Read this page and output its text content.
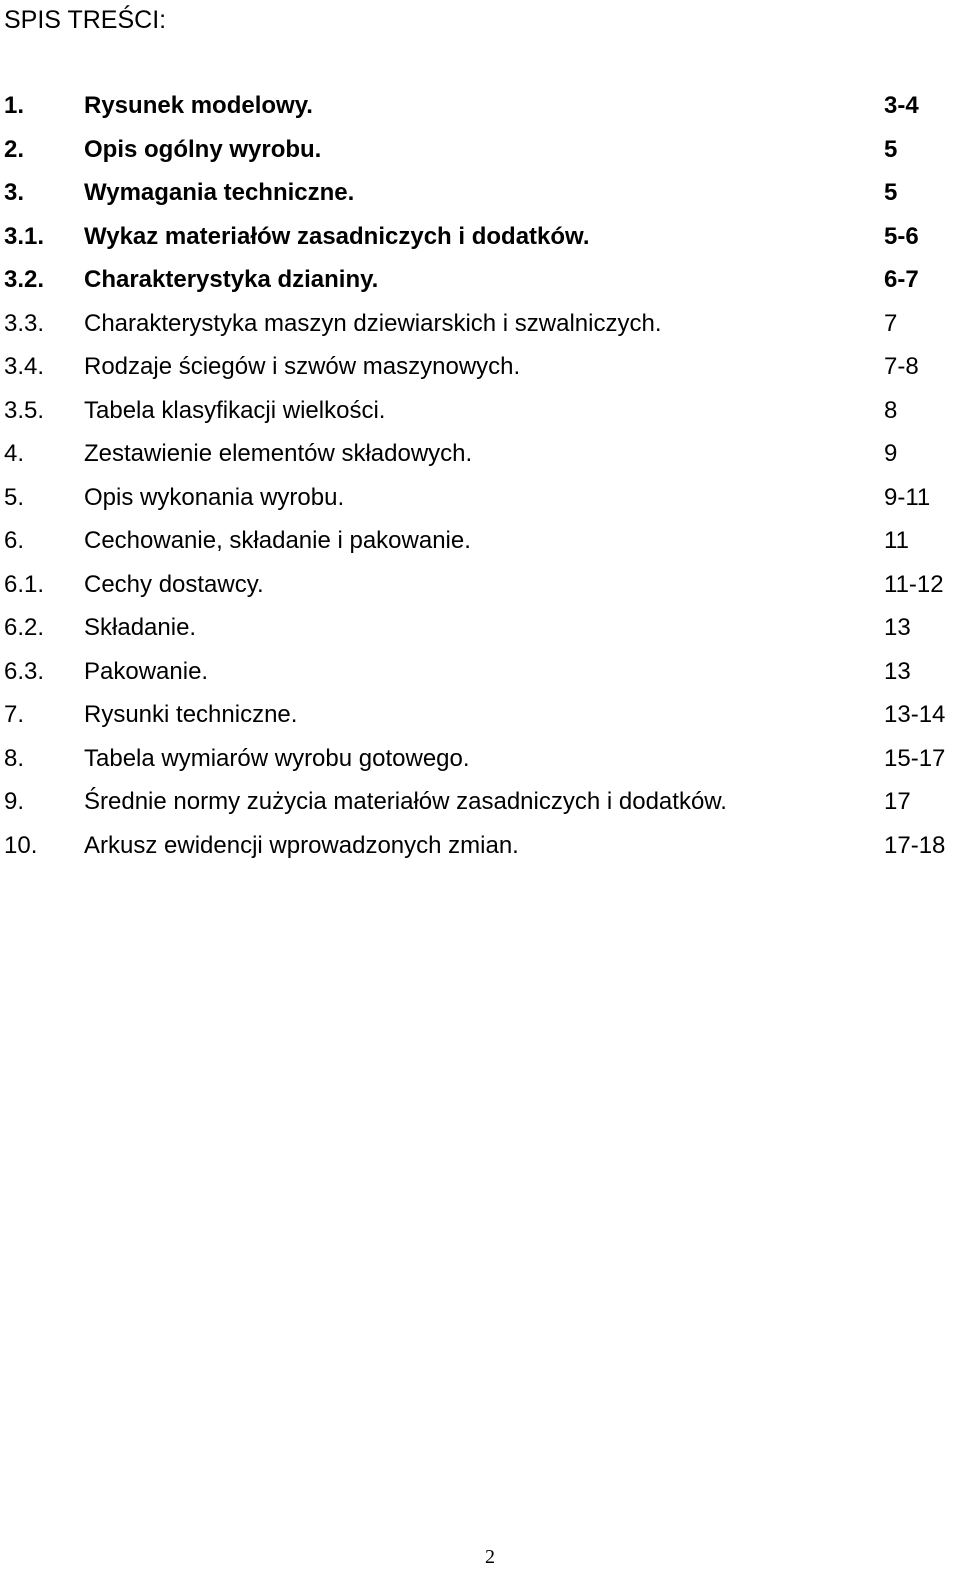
SPIS TREŚCI:
1. Rysunek modelowy.	3-4
2. Opis ogólny wyrobu.	5
3. Wymagania techniczne.	5
3.1. Wykaz materiałów zasadniczych i dodatków.	5-6
3.2. Charakterystyka dzianiny.	6-7
3.3. Charakterystyka maszyn dziewiarskich i szwalniczych.	7
3.4. Rodzaje ściegów i szwów maszynowych.	7-8
3.5. Tabela klasyfikacji wielkości.	8
4. Zestawienie elementów składowych.	9
5. Opis wykonania wyrobu.	9-11
6. Cechowanie, składanie i pakowanie.	11
6.1. Cechy dostawcy.	11-12
6.2. Składanie.	13
6.3. Pakowanie.	13
7. Rysunki techniczne.	13-14
8. Tabela wymiarów wyrobu gotowego.	15-17
9. Średnie normy zużycia materiałów zasadniczych i dodatków.	17
10. Arkusz ewidencji wprowadzonych zmian.	17-18
2
